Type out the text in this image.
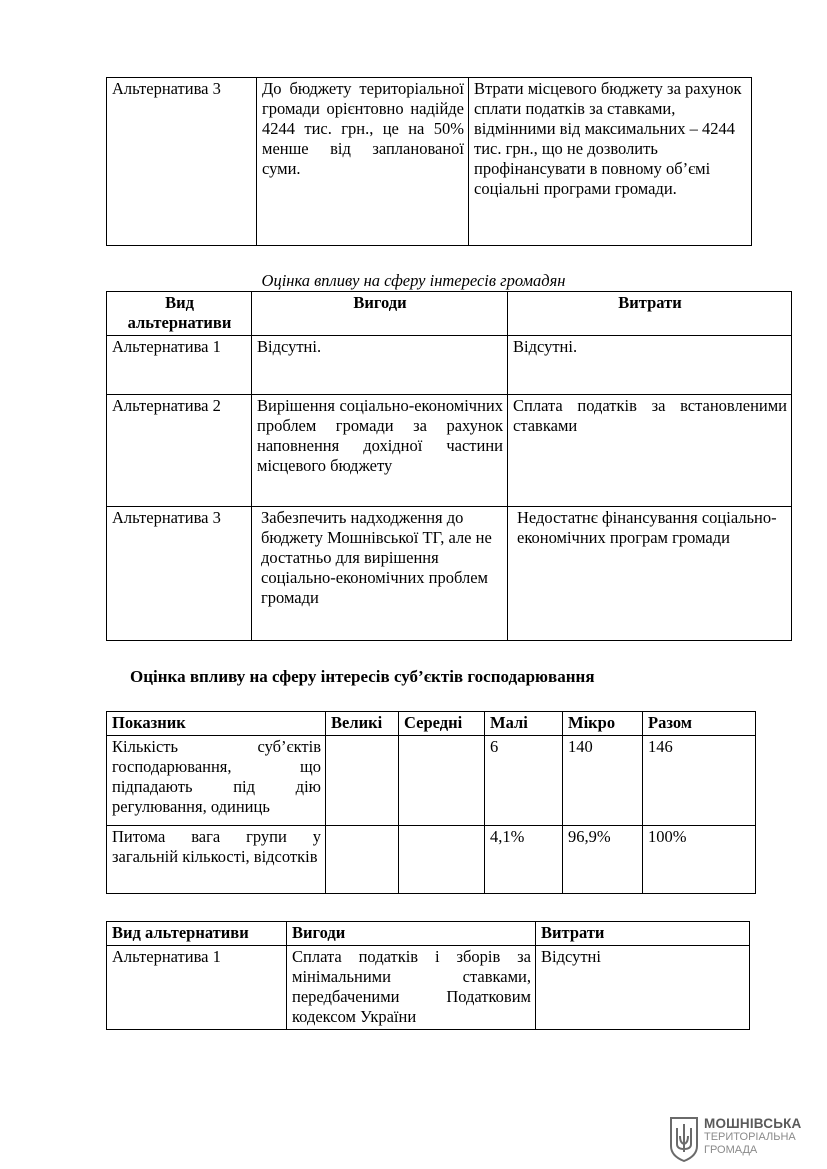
Альтернатива 3	До бюджету територіальної громади орієнтовно надійде 4244 тис. грн., це на 50% менше від запланованої суми.	Втрати місцевого бюджету за рахунок сплати податків за ставками, відмінними від максимальних – 4244 тис. грн., що не дозволить профінансувати в повному об’ємі соціальні програми громади.
Оцінка впливу на сферу інтересів громадян
Вид альтернативи	Вигоди	Витрати
Альтернатива 1	Відсутні.	Відсутні.
Альтернатива 2	Вирішення соціально-економічних проблем громади за рахунок наповнення дохідної частини місцевого бюджету	Сплата податків за встановленими ставками
Альтернатива 3	Забезпечить надходження до бюджету Мошнівської ТГ, але не достатньо для вирішення соціально-економічних проблем громади	Недостатнє фінансування соціально-економічних програм громади
Оцінка впливу на сферу інтересів суб’єктів господарювання
Показник	Великі	Середні	Малі	Мікро	Разом
Кількість суб’єктів господарювання, що підпадають під дію регулювання, одиниць			6	140	146
Питома вага групи у загальній кількості, відсотків			4,1%	96,9%	100%
Вид альтернативи	Вигоди	Витрати
Альтернатива 1	Сплата податків і зборів за мінімальними ставками, передбаченими Податковим кодексом України	Відсутні
МОШНІВСЬКА
ТЕРИТОРІАЛЬНА
ГРОМАДА
